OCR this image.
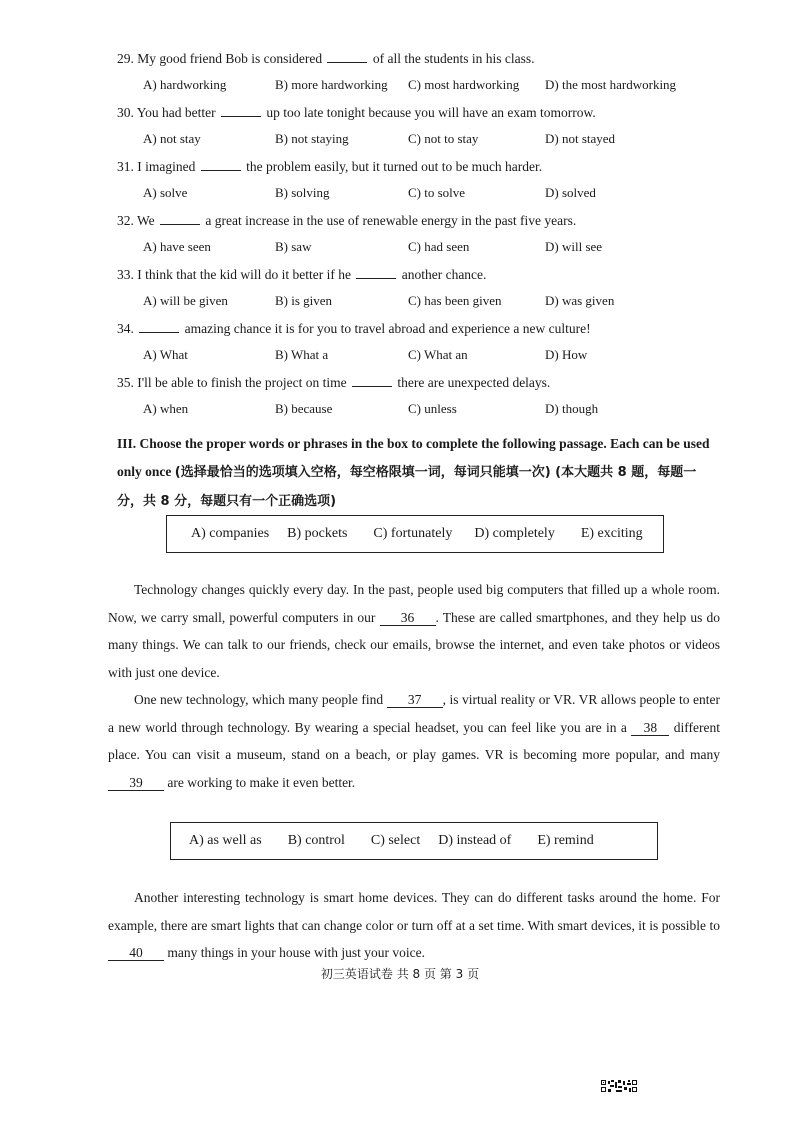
29. My good friend Bob is considered	of all the students in his class.
A) hardworking	B) more hardworking C) most hardworking D) the most hardworking
30. You had better	up too late tonight because you will have an exam tomorrow.
A) not stay	B) not staying	C) not to stay	D) not stayed
31. I imagined	the problem easily, but it turned out to be much harder.
A) solve	B) solving	C) to solve	D) solved
32. We	a great increase in the use of renewable energy in the past five years.
A) have seen	B) saw	C) had seen	D) will see
33. I think that the kid will do it better if he	another chance.
A) will be given	B) is given	C) has been given	D) was given
34.	amazing chance it is for you to travel abroad and experience a new culture!
A) What	B) What a	C) What an	D) How
35. I'll be able to finish the project on time	there are unexpected delays.
A) when	B) because	C) unless	D) though
III. Choose the proper words or phrases in the box to complete the following passage. Each can be used only once (选择最恰当的选项填入空格，每空格限填一词，每词只能填一次) (本大题共 8 题，每题一分，共 8 分，每题只有一个正确选项)
A) companies B) pockets C) fortunately D) completely E) exciting
Technology changes quickly every day. In the past, people used big computers that filled up a whole room. Now, we carry small, powerful computers in our 36 . These are called smartphones, and they help us do many things. We can talk to our friends, check our emails, browse the internet, and even take photos or videos with just one device.
One new technology, which many people find 37 , is virtual reality or VR. VR allows people to enter a new world through technology. By wearing a special headset, you can feel like you are in a 38 different place. You can visit a museum, stand on a beach, or play games. VR is becoming more popular, and many 39 are working to make it even better.
A) as well as B) control C) select D) instead of E) remind
Another interesting technology is smart home devices. They can do different tasks around the home. For example, there are smart lights that can change color or turn off at a set time. With smart devices, it is possible to 40 many things in your house with just your voice.
初三英语试卷 共 8 页 第 3 页
